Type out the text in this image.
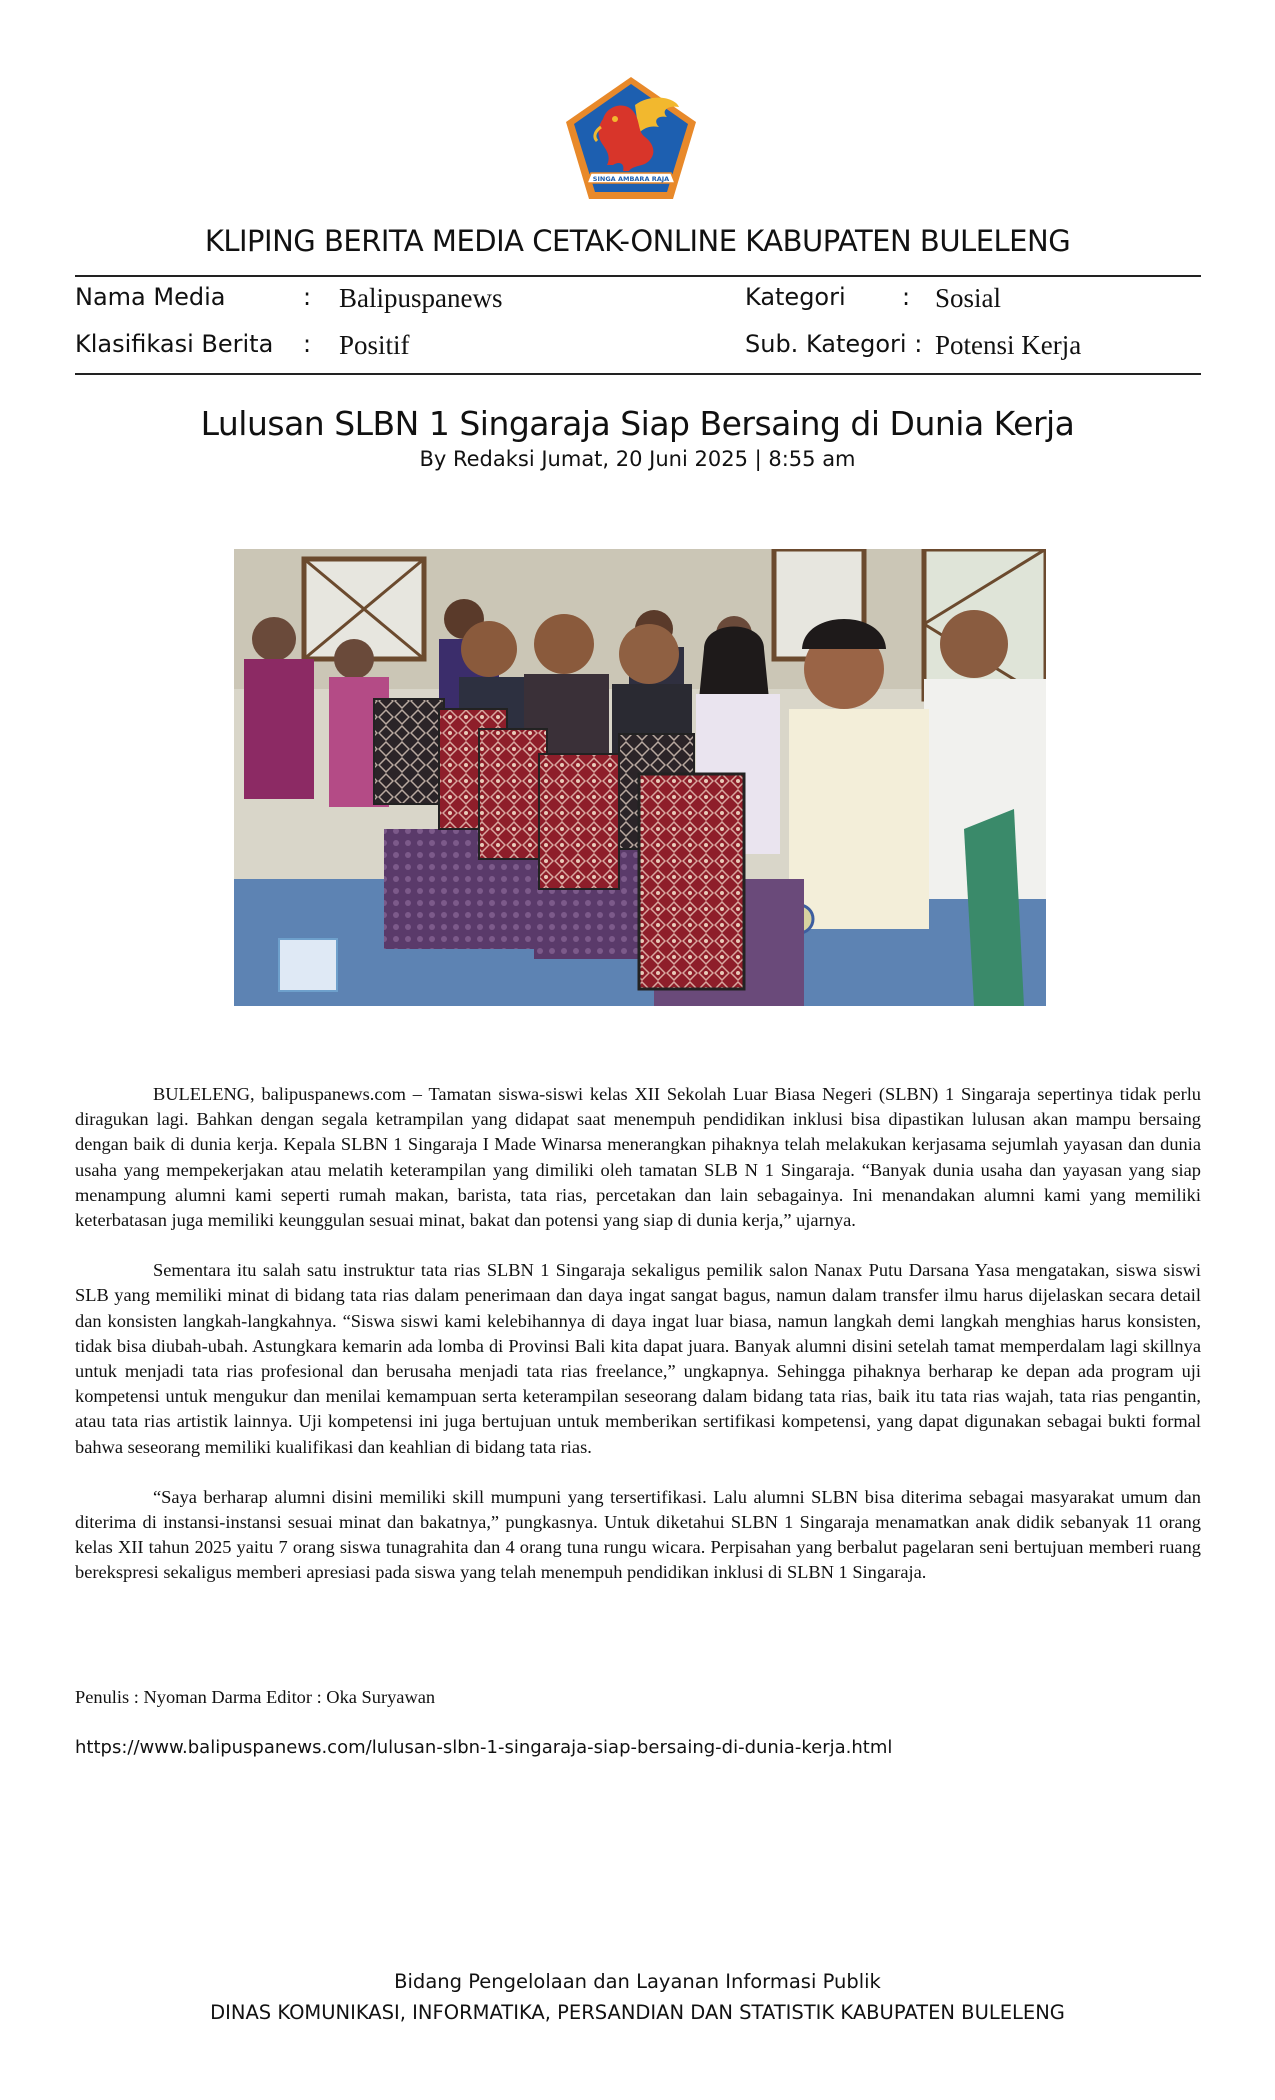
SINGA AMBARA RAJA
KLIPING BERITA MEDIA CETAK-ONLINE KABUPATEN BULELENG
Nama Media	: Balipuspanews	Kategori : Sosial
Klasifikasi Berita : Positif	Sub. Kategori : Potensi Kerja
Lulusan SLBN 1 Singaraja Siap Bersaing di Dunia Kerja
By Redaksi Jumat, 20 Juni 2025 | 8:55 am

BULELENG, balipuspanews.com – Tamatan siswa-siswi kelas XII Sekolah Luar Biasa Negeri (SLBN) 1 Singaraja sepertinya tidak perlu diragukan lagi. Bahkan dengan segala ketrampilan yang didapat saat menempuh pendidikan inklusi bisa dipastikan lulusan akan mampu bersaing dengan baik di dunia kerja. Kepala SLBN 1 Singaraja I Made Winarsa menerangkan pihaknya telah melakukan kerjasama sejumlah yayasan dan dunia usaha yang mempekerjakan atau melatih keterampilan yang dimiliki oleh tamatan SLB N 1 Singaraja. “Banyak dunia usaha dan yayasan yang siap menampung alumni kami seperti rumah makan, barista, tata rias, percetakan dan lain sebagainya. Ini menandakan alumni kami yang memiliki keterbatasan juga memiliki keunggulan sesuai minat, bakat dan potensi yang siap di dunia kerja,” ujarnya.

Sementara itu salah satu instruktur tata rias SLBN 1 Singaraja sekaligus pemilik salon Nanax Putu Darsana Yasa mengatakan, siswa siswi SLB yang memiliki minat di bidang tata rias dalam penerimaan dan daya ingat sangat bagus, namun dalam transfer ilmu harus dijelaskan secara detail dan konsisten langkah-langkahnya. “Siswa siswi kami kelebihannya di daya ingat luar biasa, namun langkah demi langkah menghias harus konsisten, tidak bisa diubah-ubah. Astungkara kemarin ada lomba di Provinsi Bali kita dapat juara. Banyak alumni disini setelah tamat memperdalam lagi skillnya untuk menjadi tata rias profesional dan berusaha menjadi tata rias freelance,” ungkapnya. Sehingga pihaknya berharap ke depan ada program uji kompetensi untuk mengukur dan menilai kemampuan serta keterampilan seseorang dalam bidang tata rias, baik itu tata rias wajah, tata rias pengantin, atau tata rias artistik lainnya. Uji kompetensi ini juga bertujuan untuk memberikan sertifikasi kompetensi, yang dapat digunakan sebagai bukti formal bahwa seseorang memiliki kualifikasi dan keahlian di bidang tata rias.

“Saya berharap alumni disini memiliki skill mumpuni yang tersertifikasi. Lalu alumni SLBN bisa diterima sebagai masyarakat umum dan diterima di instansi-instansi sesuai minat dan bakatnya,” pungkasnya. Untuk diketahui SLBN 1 Singaraja menamatkan anak didik sebanyak 11 orang kelas XII tahun 2025 yaitu 7 orang siswa tunagrahita dan 4 orang tuna rungu wicara. Perpisahan yang berbalut pagelaran seni bertujuan memberi ruang berekspresi sekaligus memberi apresiasi pada siswa yang telah menempuh pendidikan inklusi di SLBN 1 Singaraja.

Penulis : Nyoman Darma Editor : Oka Suryawan
https://www.balipuspanews.com/lulusan-slbn-1-singaraja-siap-bersaing-di-dunia-kerja.html
Bidang Pengelolaan dan Layanan Informasi Publik
DINAS KOMUNIKASI, INFORMATIKA, PERSANDIAN DAN STATISTIK KABUPATEN BULELENG
